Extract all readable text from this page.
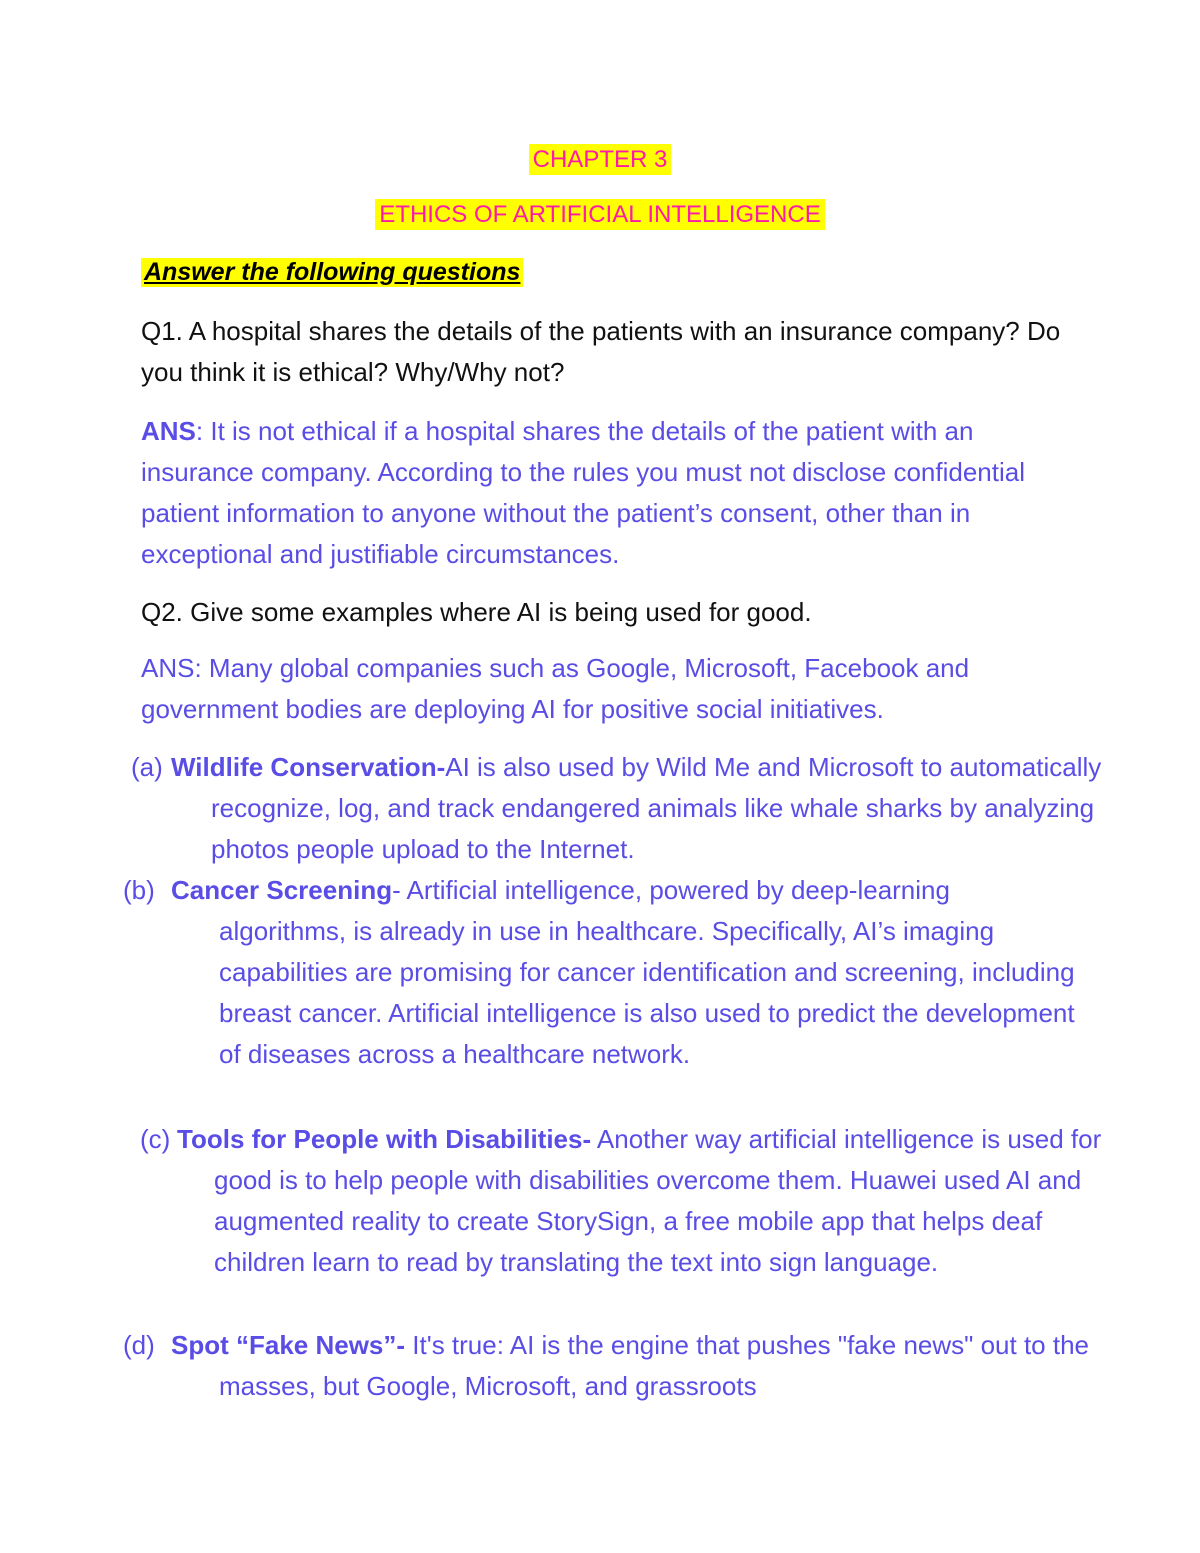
CHAPTER 3
ETHICS OF ARTIFICIAL INTELLIGENCE
Answer the following questions

Q1. A hospital shares the details of the patients with an insurance company? Do you think it is ethical? Why/Why not?

ANS: It is not ethical if a hospital shares the details of the patient with an insurance company. According to the rules you must not disclose confidential patient information to anyone without the patient’s consent, other than in exceptional and justifiable circumstances.

Q2. Give some examples where AI is being used for good.

ANS: Many global companies such as Google, Microsoft, Facebook and government bodies are deploying AI for positive social initiatives.

(a) Wildlife Conservation-AI is also used by Wild Me and Microsoft to automatically recognize, log, and track endangered animals like whale sharks by analyzing photos people upload to the Internet.

(b)Cancer Screening- Artificial intelligence, powered by deep-learning algorithms, is already in use in healthcare. Specifically, AI’s imaging capabilities are promising for cancer identification and screening, including breast cancer. Artificial intelligence is also used to predict the development of diseases across a healthcare network.

(c) Tools for People with Disabilities- Another way artificial intelligence is used for good is to help people with disabilities overcome them. Huawei used AI and augmented reality to create StorySign, a free mobile app that helps deaf children learn to read by translating the text into sign language.

(d)Spot “Fake News”- It's true: AI is the engine that pushes "fake news" out to the masses, but Google, Microsoft, and grassroots
